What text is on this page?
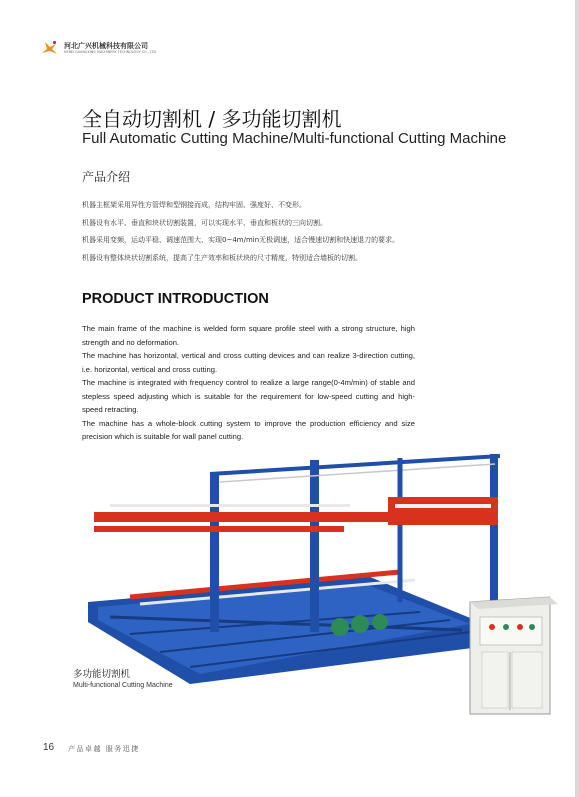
河北广兴机械科技有限公司
HEBEI GUANGXING MACHINERY TECHNOLOGY CO., LTD
全自动切割机 / 多功能切割机
Full Automatic Cutting Machine/Multi-functional Cutting Machine
产品介绍

机器主框架采用异性方管焊和型钢接而成，结构牢固、强度好、不变形。

机器设有水平、垂直和块状切割装置，可以实现水平、垂直和板状的三向切割。

机器采用变频，运动平稳、调速范围大、实现0~4m/min无极调速，适合慢速切割和快速退刀的要求。

机器设有整体块状切割系统，提高了生产效率和板状块的尺寸精度，特别适合墙板的切割。

PRODUCT INTRODUCTION

The main frame of the machine is welded form square profile steel with a strong structure, high strength and no deformation.

The machine has horizontal, vertical and cross cutting devices and can realize 3-direction cutting, i.e. horizontal, vertical and cross cutting.

The machine is integrated with frequency control to realize a large range(0-4m/min) of stable and stepless speed adjusting which is suitable for the requirement for low-speed cutting and high-speed retracting.

The machine has a whole-block cutting system to improve the production efficiency and size precision which is suitable for wall panel cutting.

多功能切割机
Multi-functional Cutting Machine
16 产品卓越 服务迅捷
